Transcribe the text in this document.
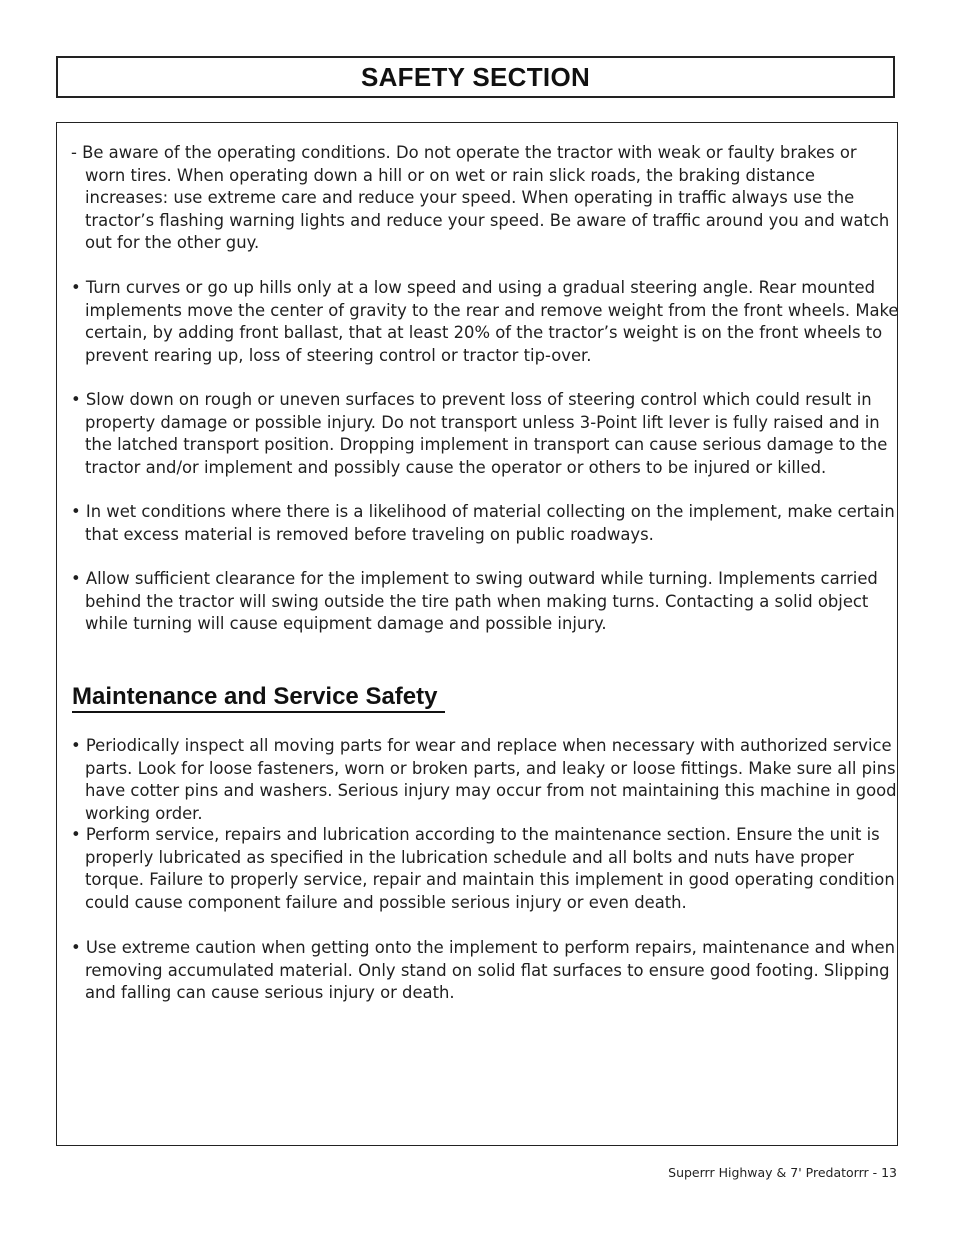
SAFETY SECTION

- Be aware of the operating conditions. Do not operate the tractor with weak or faulty brakes or worn tires. When operating down a hill or on wet or rain slick roads, the braking distance increases: use extreme care and reduce your speed. When operating in traffic always use the tractor’s flashing warning lights and reduce your speed. Be aware of traffic around you and watch out for the other guy.

• Turn curves or go up hills only at a low speed and using a gradual steering angle. Rear mounted implements move the center of gravity to the rear and remove weight from the front wheels. Make certain, by adding front ballast, that at least 20% of the tractor’s weight is on the front wheels to prevent rearing up, loss of steering control or tractor tip-over.

• Slow down on rough or uneven surfaces to prevent loss of steering control which could result in property damage or possible injury. Do not transport unless 3-Point lift lever is fully raised and in the latched transport position. Dropping implement in transport can cause serious damage to the tractor and/or implement and possibly cause the operator or others to be injured or killed.

• In wet conditions where there is a likelihood of material collecting on the implement, make certain that excess material is removed before traveling on public roadways.

• Allow sufficient clearance for the implement to swing outward while turning. Implements carried behind the tractor will swing outside the tire path when making turns. Contacting a solid object while turning will cause equipment damage and possible injury.

Maintenance and Service Safety

• Periodically inspect all moving parts for wear and replace when necessary with authorized service parts. Look for loose fasteners, worn or broken parts, and leaky or loose fittings. Make sure all pins have cotter pins and washers. Serious injury may occur from not maintaining this machine in good working order.

• Perform service, repairs and lubrication according to the maintenance section. Ensure the unit is properly lubricated as specified in the lubrication schedule and all bolts and nuts have proper torque. Failure to properly service, repair and maintain this implement in good operating condition could cause component failure and possible serious injury or even death.

• Use extreme caution when getting onto the implement to perform repairs, maintenance and when removing accumulated material. Only stand on solid flat surfaces to ensure good footing. Slipping and falling can cause serious injury or death.

Superrr Highway & 7' Predatorrr - 13
